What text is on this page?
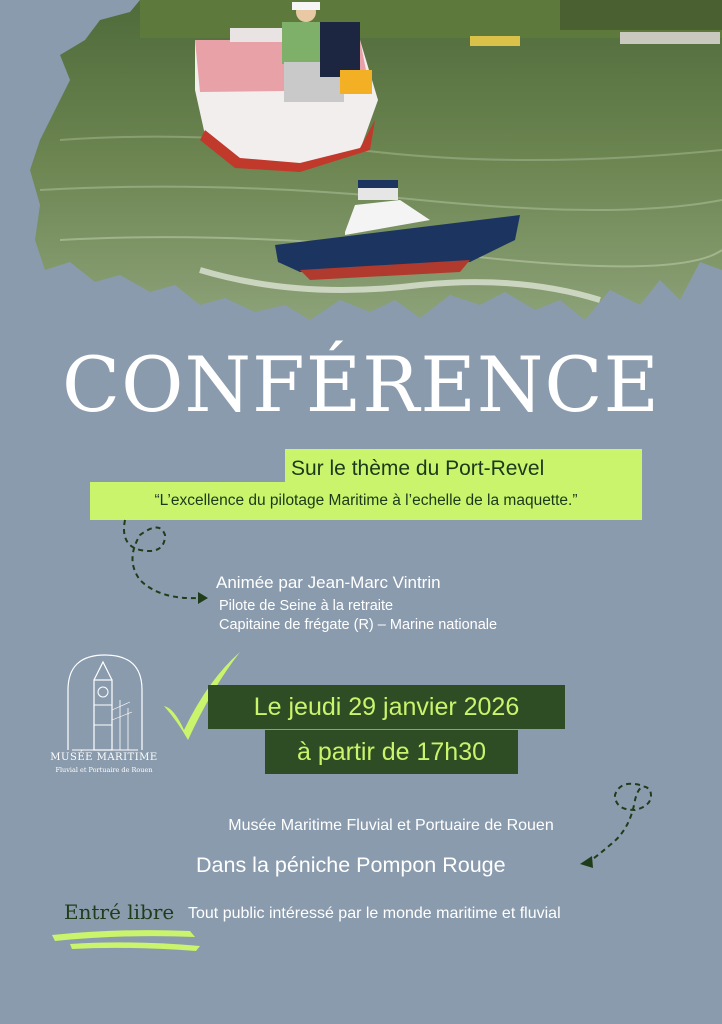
CONFÉRENCE
Sur le thème du Port-Revel
“L’excellence du pilotage Maritime à l’echelle de la maquette.”
Animée par Jean-Marc Vintrin
Pilote de Seine à la retraite
Capitaine de frégate (R) – Marine nationale
MUSÉE MARITIME
Fluvial et Portuaire de Rouen
Le jeudi 29 janvier 2026
à partir de 17h30
Musée Maritime Fluvial et Portuaire de Rouen
Dans la péniche Pompon Rouge
Entré libre Tout public intéressé par le monde maritime et fluvial
